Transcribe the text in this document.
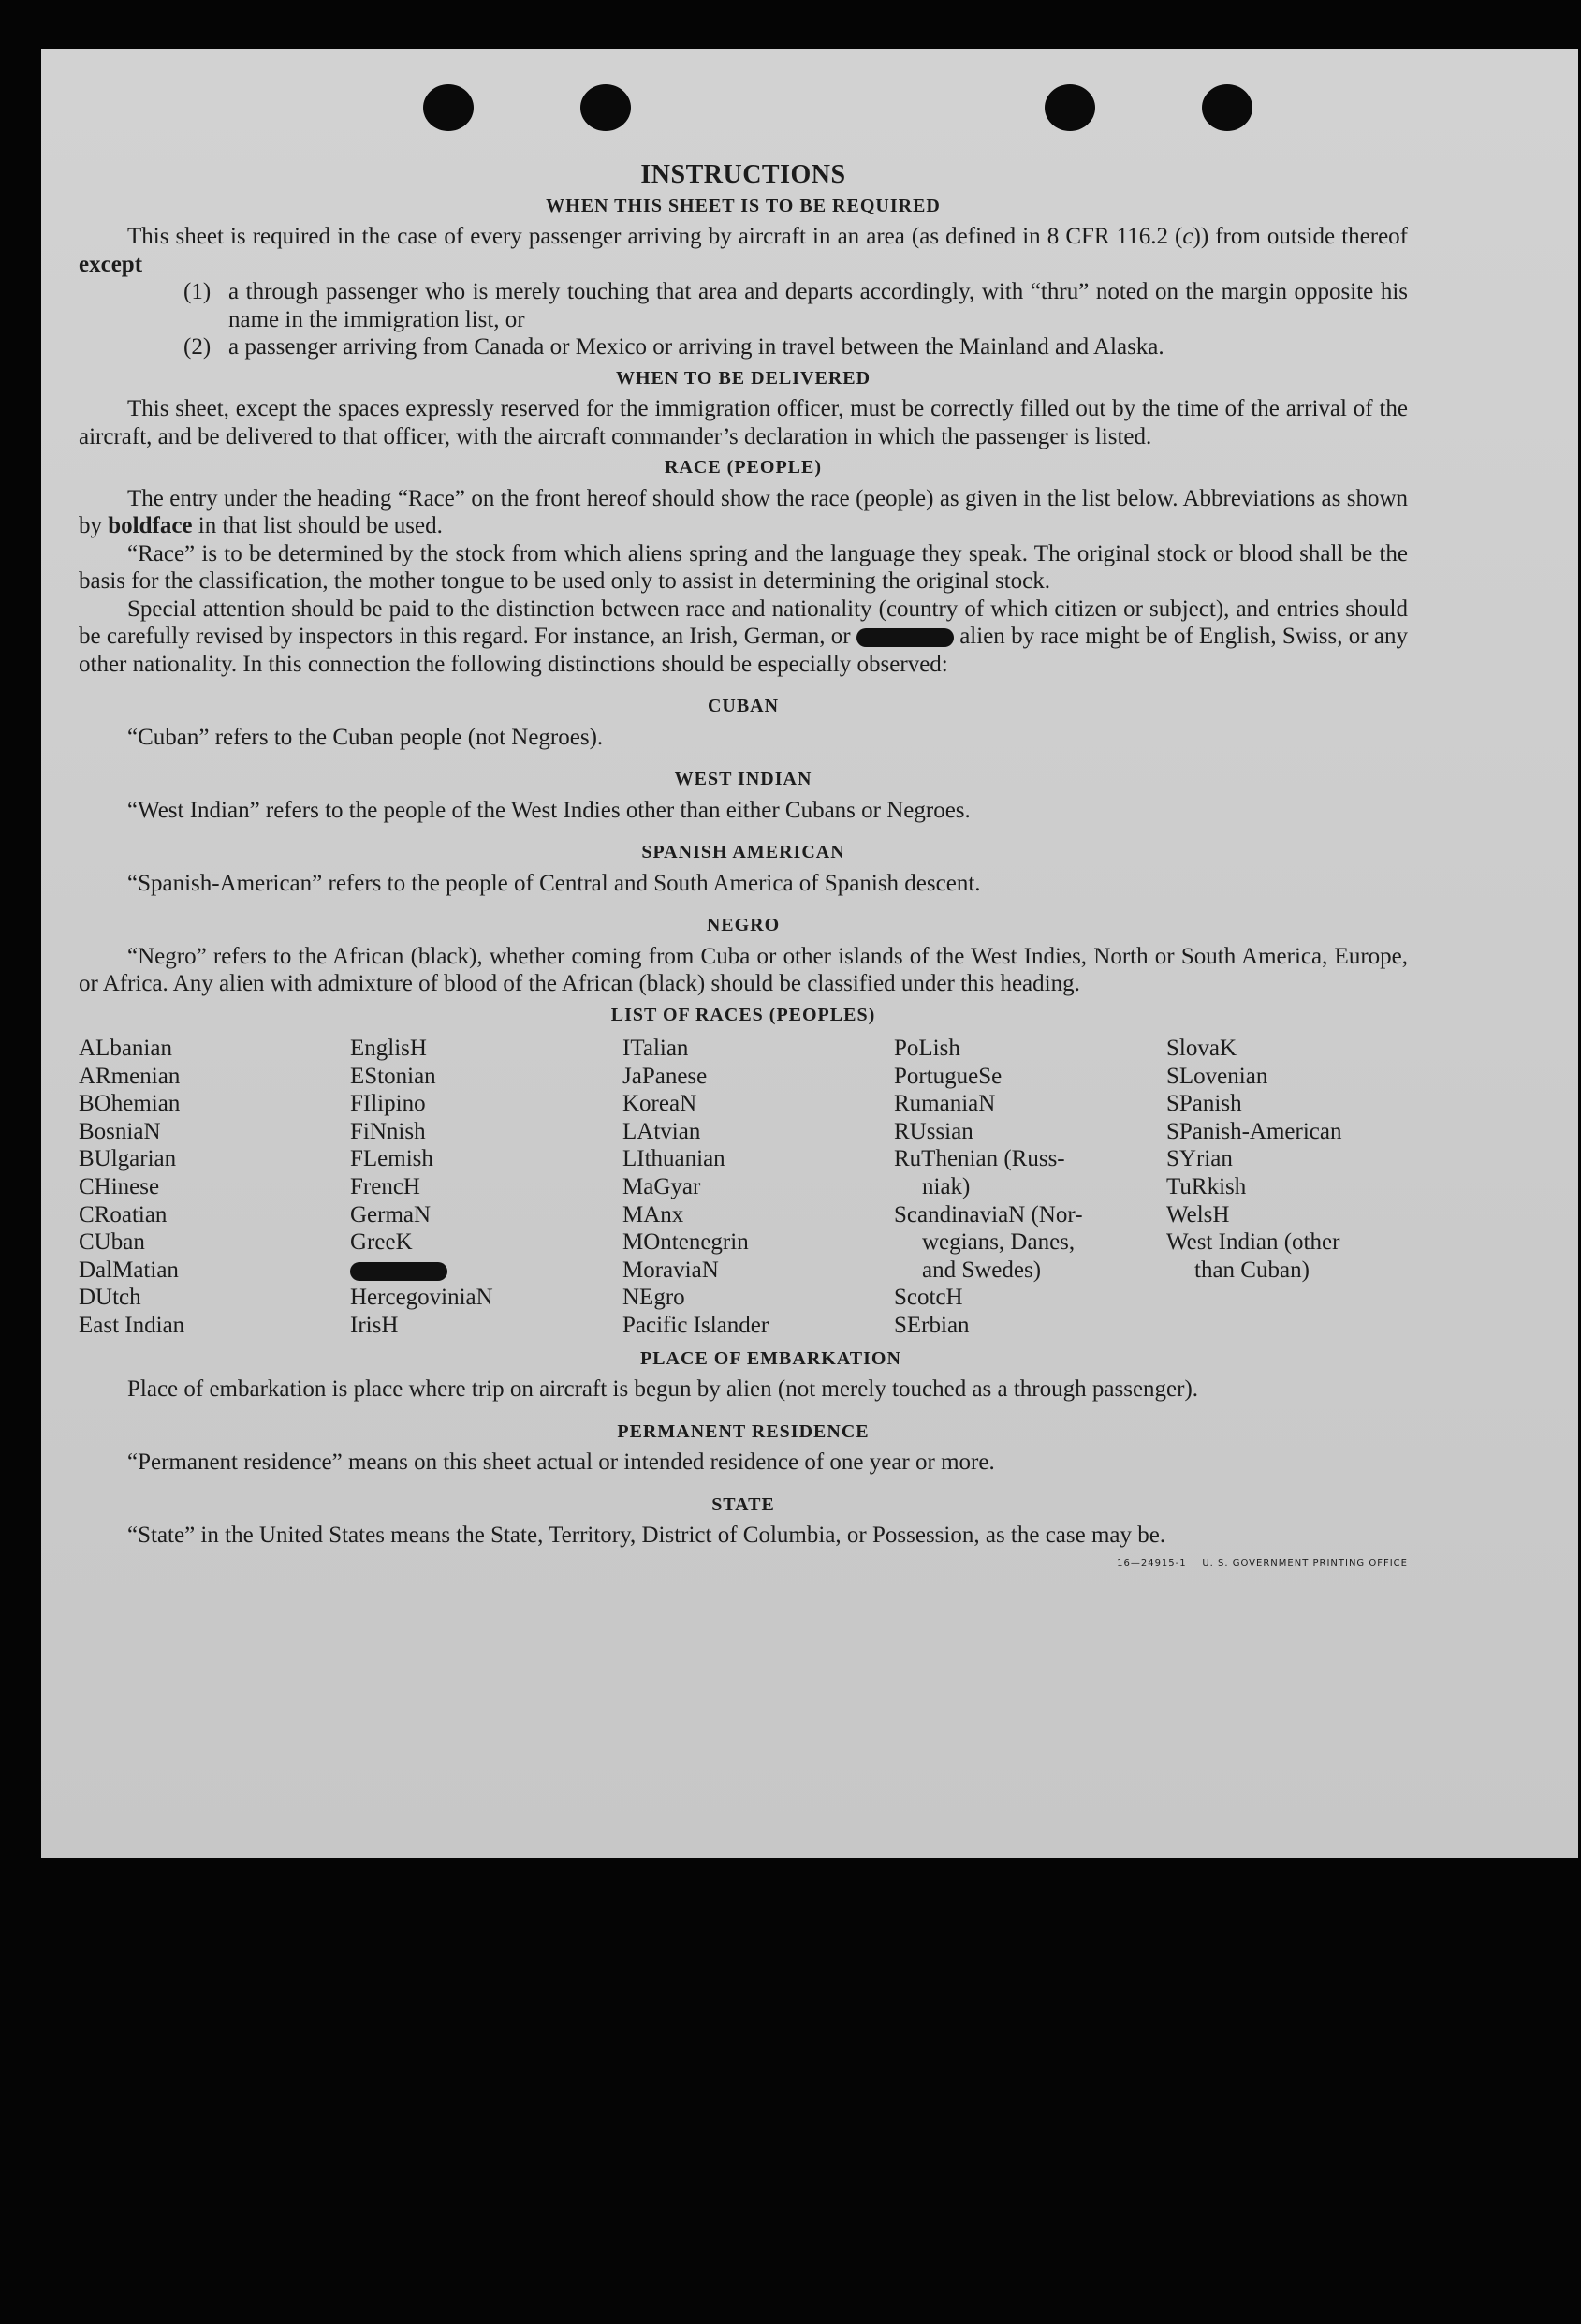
INSTRUCTIONS
WHEN THIS SHEET IS TO BE REQUIRED

This sheet is required in the case of every passenger arriving by aircraft in an area (as defined in 8 CFR 116.2 (c)) from outside thereof except

(1) a through passenger who is merely touching that area and departs accordingly, with “thru” noted on the margin opposite his name in the immigration list, or
(2) a passenger arriving from Canada or Mexico or arriving in travel between the Mainland and Alaska.
WHEN TO BE DELIVERED

This sheet, except the spaces expressly reserved for the immigration officer, must be correctly filled out by the time of the arrival of the aircraft, and be delivered to that officer, with the aircraft commander’s declaration in which the passenger is listed.

RACE (PEOPLE)

The entry under the heading “Race” on the front hereof should show the race (people) as given in the list below. Abbreviations as shown by boldface in that list should be used.

“Race” is to be determined by the stock from which aliens spring and the language they speak. The original stock or blood shall be the basis for the classification, the mother tongue to be used only to assist in determining the original stock.

Special attention should be paid to the distinction between race and nationality (country of which citizen or subject), and entries should be carefully revised by inspectors in this regard. For instance, an Irish, German, or	alien by race might be of English, Swiss, or any other nationality. In this connection the following distinctions should be especially observed:

CUBAN

“Cuban” refers to the Cuban people (not Negroes).

WEST INDIAN

“West Indian” refers to the people of the West Indies other than either Cubans or Negroes.

SPANISH AMERICAN

“Spanish-American” refers to the people of Central and South America of Spanish descent.

NEGRO

“Negro” refers to the African (black), whether coming from Cuba or other islands of the West Indies, North or South America, Europe, or Africa. Any alien with admixture of blood of the African (black) should be classified under this heading.

LIST OF RACES (PEOPLES)
ALbanian
ARmenian
BOhemian
BosniaN
BUlgarian
CHinese
CRoatian
CUban
DalMatian
DUtch
East Indian
EnglisH
EStonian
FIlipino
FiNnish
FLemish
FrencH
GermaN
GreeK
HercegoviniaN
IrisH
ITalian
JaPanese
KoreaN
LAtvian
LIthuanian
MaGyar
MAnx
MOntenegrin
MoraviaN
NEgro
Pacific Islander
PoLish
PortugueSe
RumaniaN
RUssian
RuThenian (Russ-
niak)
ScandinaviaN (Nor-
wegians, Danes,
and Swedes)
ScotcH
SErbian
SlovaK
SLovenian
SPanish
SPanish-American
SYrian
TuRkish
WelsH
West Indian (other
than Cuban)
PLACE OF EMBARKATION

Place of embarkation is place where trip on aircraft is begun by alien (not merely touched as a through passenger).

PERMANENT RESIDENCE

“Permanent residence” means on this sheet actual or intended residence of one year or more.

STATE

“State” in the United States means the State, Territory, District of Columbia, or Possession, as the case may be.

16—24915-1 U. S. GOVERNMENT PRINTING OFFICE
